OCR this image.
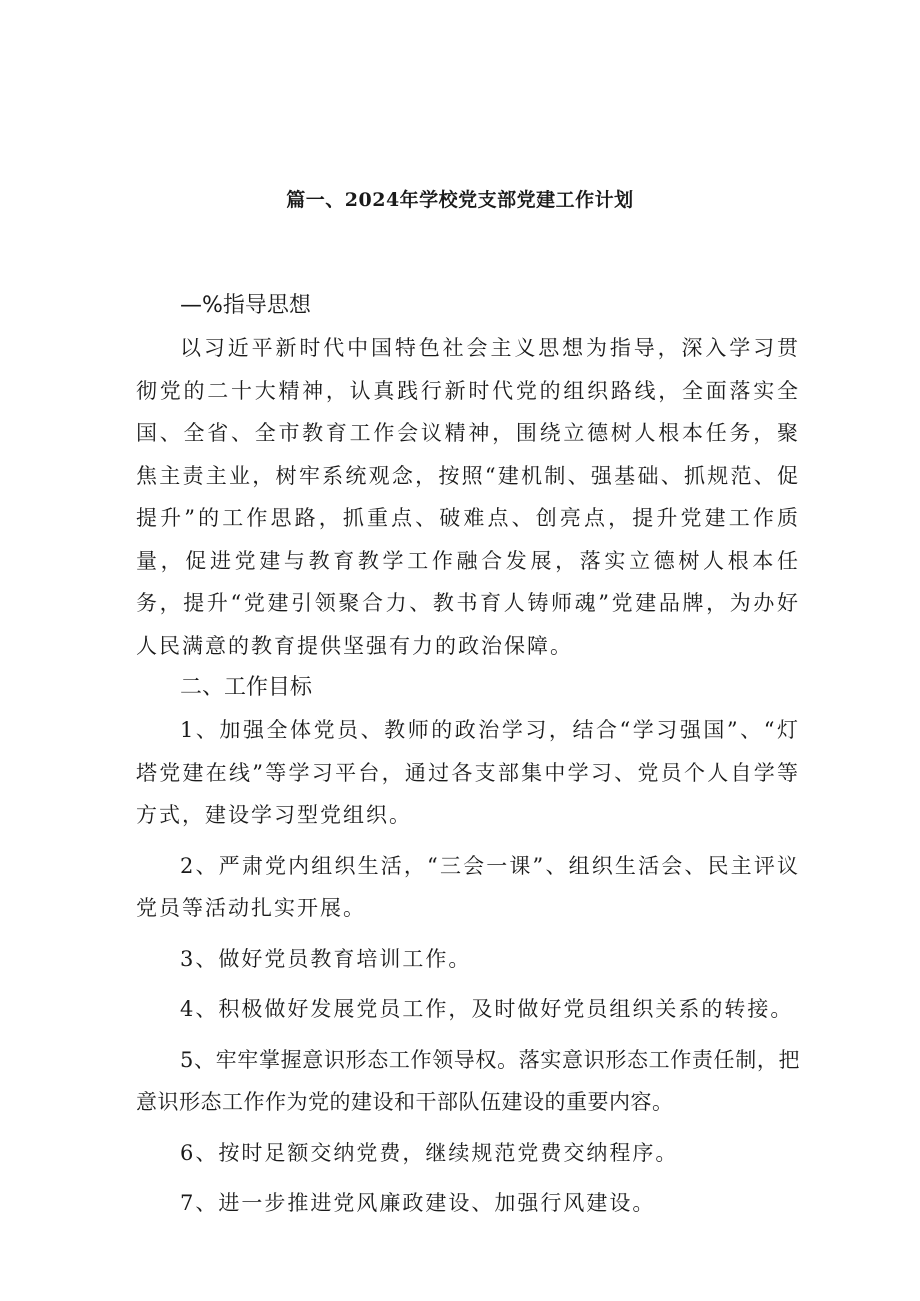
篇一、2024年学校党支部党建工作计划

—%指导思想

以习近平新时代中国特色社会主义思想为指导，深入学习贯彻党的二十大精神，认真践行新时代党的组织路线，全面落实全国、全省、全市教育工作会议精神，围绕立德树人根本任务，聚焦主责主业，树牢系统观念，按照“建机制、强基础、抓规范、促提升”的工作思路，抓重点、破难点、创亮点，提升党建工作质量，促进党建与教育教学工作融合发展，落实立德树人根本任务，提升“党建引领聚合力、教书育人铸师魂”党建品牌，为办好人民满意的教育提供坚强有力的政治保障。

二、工作目标

1、加强全体党员、教师的政治学习，结合“学习强国”、“灯塔党建在线”等学习平台，通过各支部集中学习、党员个人自学等方式，建设学习型党组织。

2、严肃党内组织生活，“三会一课”、组织生活会、民主评议党员等活动扎实开展。

3、做好党员教育培训工作。

4、积极做好发展党员工作，及时做好党员组织关系的转接。

5、牢牢掌握意识形态工作领导权。落实意识形态工作责任制，把意识形态工作作为党的建设和干部队伍建设的重要内容。

6、按时足额交纳党费，继续规范党费交纳程序。

7、进一步推进党风廉政建设、加强行风建设。
